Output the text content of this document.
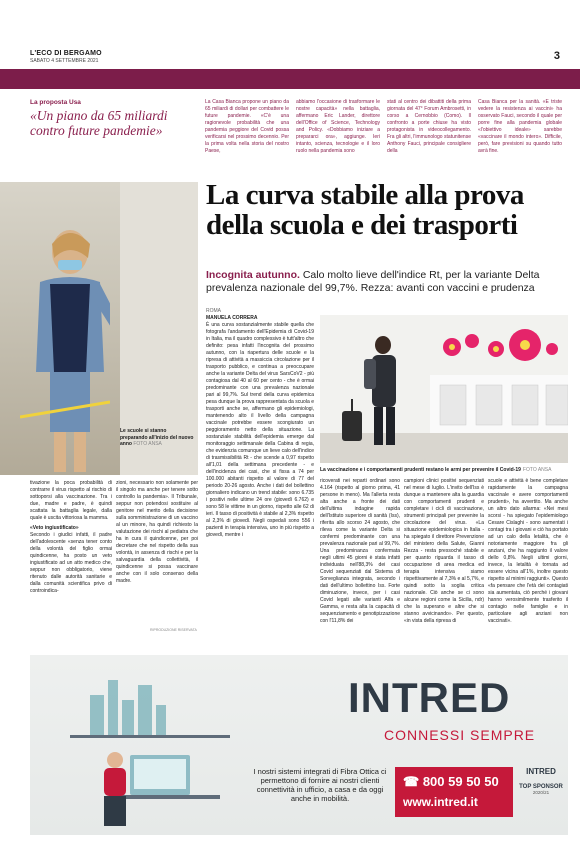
L'ECO DI BERGAMO
SABATO 4 SETTEMBRE 2021	3
La proposta Usa
«Un piano da 65 miliardi contro future pandemie»

La Casa Bianca propone un piano da 65 miliardi di dollari per combattere le future pandemie. «C'è una ragionevole probabilità che una pandemia peggiore del Covid possa verificarsi nel prossimo decennio. Per la prima volta nella storia del nostro Paese,

abbiamo l'occasione di trasformare le nostre capacità» nella battaglia, affermano Eric Lander, direttore dell'Office of Science, Technology and Policy. «Dobbiamo iniziare a prepararci ora», aggiunge. Ieri intanto, scienza, tecnologie e il loro ruolo nella pandemia sono

stati al centro dei dibattiti della prima giornata del 47° Forum Ambrosetti, in corso a Cernobbio (Como). Il confronto a porte chiuse ha visto protagonista in videocollegamento. Fra gli altri, l'immunologo statunitense Anthony Fauci, principale consigliere della

Casa Bianca per la sanità. «E triste vedere la resistenza ai vaccini» ha osservato Fauci, secondo il quale per porre fine alla pandemia globale «l'obiettivo ideale» sarebbe «vaccinare il mondo intero». Difficile, però, fare previsioni su quando tutto avrà fine.

Le scuole si stanno preparando all'inizio del nuovo anno FOTO ANSA
La curva stabile alla prova della scuola e dei trasporti
Incognita autunno. Calo molto lieve dell'indice Rt, per la variante Delta prevalenza nazionale del 99,7%. Rezza: avanti con vaccini e prudenza
ROMA
MANUELA CORRERA

È una curva sostanzialmente stabile quella che fotografa l'andamento dell'Epidemia di Covid-19 in Italia, ma il quadro complessivo è tutt'altro che definito: pesa infatti l'incognita del prossimo autunno, con la riapertura delle scuole e la ripresa di attività a massiccia circolazione per il trasporto pubblico, e continua a preoccupare anche la variante Delta del virus SarsCoV2 - più contagiosa dal 40 al 60 per cento - che è ormai predominante con una prevalenza nazionale pari al 99,7%. Sul trend della curva epidemica pesa dunque la prova rappresentata da scuola e trasporti anche se, affermano gli epidemiologi, mantenendo alto il livello della campagna vaccinale potrebbe essere scongiurato un peggioramento netto della situazione. La sostanziale stabilità dell'epidemia emerge dal monitoraggio settimanale della Cabina di regia, che evidenzia comunque un lieve calo dell'indice di trasmissibilità Rt - che scende a 0,97 rispetto all'1,01 della settimana precedente - e dell'incidenza dei casi, che si fissa a 74 per 100.000 abitanti rispetto al valore di 77 del periodo 20-26 agosto. Anche i dati del bollettino giornaliero indicano un trend stabile: sono 6.735 i positivi nelle ultime 24 ore (giovedì 6.762) e sono 58 le vittime in un giorno, rispetto alle 62 di ieri. Il tasso di positività è stabile al 2,3% rispetto al 2,3% di giovedì. Negli ospedali sono 556 i pazienti in terapia intensiva, uno in più rispetto a giovedì, mentre i

La vaccinazione e i comportamenti prudenti restano le armi per prevenire il Covid-19 FOTO ANSA

ricoverati nei reparti ordinari sono 4.164 (rispetto al giorno prima, 41 persone in meno). Ma l'allerta resta alta anche a fronte dei dati dell'ultima indagine rapida dell'Istituto superiore di sanità (Iss), riferita allo scorso 24 agosto, che rileva come la variante Delta si confermi predominante con una prevalenza nazionale pari al 99,7%. Una predominanza confermata negli ultimi 45 giorni è stata infatti individuata nell'88,3% dei casi Covid sequenziati dal Sistema di Sorveglianza integrata, secondo i dati dell'ultimo bollettino Iss. Forte diminuzione, invece, per i casi Covid legati alle varianti Alfa e Gamma, e resta alta la capacità di sequenziamento e genotipizzazione con l'11,8% dei

campioni clinici positivi sequenziati nel mese di luglio. L'invito dell'Iss è dunque a mantenere alta la guardia con comportamenti prudenti e completare i cicli di vaccinazione, strumenti principali per prevenire la circolazione del virus. «La situazione epidemiologica in Italia - ha spiegato il direttore Prevenzione del ministero della Salute, Gianni Rezza - resta pressoché stabile e per quanto riguarda il tasso di occupazione di area medica ed terapia intensiva siamo rispettivamente al 7,3% e al 5,7%, e quindi sotto la soglia critica nazionale. Ciò anche se ci sono alcune regioni come la Sicilia, ndr) che la superano e altre che si stanno avvicinando». Per questo, «in vista della ripresa di

scuole e attività è bene completare rapidamente la campagna vaccinale e avere comportamenti prudenti», ha avvertito. Ma anche un altro dato allarma: «Nei mesi scorsi - ha spiegato l'epidemiologo Cesare Cislaghi - sono aumentati i contagi tra i giovani e ciò ha portato ad un calo della letalità, che è notoriamente maggiore fra gli anziani, che ha raggiunto il valore dello 0,8%. Negli ultimi giorni, invece, la letalità è tornata ad essere vicina all'1%, inoltre questo rispetto al minimi raggiunti». Questo «fa pensare che l'età dei contagiati sia aumentata, ciò perché i giovani hanno verosimilmente trasferito il contagio nelle famiglie e in particolare agli anziani non vaccinati».

tivazione la poca probabilità di contrarre il virus rispetto al rischio di sottoporsi alla vaccinazione. Tra i due, madre e padre, è quindi scattata la battaglia legale, dalla quale è uscita vittoriosa la mamma.

«Veto ingiustificato»

Secondo i giudici infatti, il padre dell'adolescente «senza tener conto della volontà del figlio ormai quindicenne, ha posto un veto ingiustificato ad un atto medico che, seppur non obbligatorio, viene ritenuto dalle autorità sanitarie e dalla comunità scientifica privo di controindica-

zioni, necessario non solamente per il singolo ma anche per tenere sotto controllo la pandemia». Il Tribunale, seppur non potendosi sostituire al genitore nel merito della decisione sulla somministrazione di un vaccino al un minore, ha quindi richiesto la valutazione dei rischi al pediatra che ha in cura il quindicenne, per poi decretare che nel rispetto della sua volontà, in assenza di rischi e per la salvaguardia della collettività, il quindicenne si possa vaccinare anche con il solo consenso della madre.

RIPRODUZIONE RISERVATA
INTRED
CONNESSI SEMPRE
I nostri sistemi integrati di Fibra Ottica ci permettono di fornire ai nostri clienti connettività in ufficio, a casa e da oggi anche in mobilità.
☎ 800 59 50 50
www.intred.it
INTRED
TOP SPONSOR
2020/21
